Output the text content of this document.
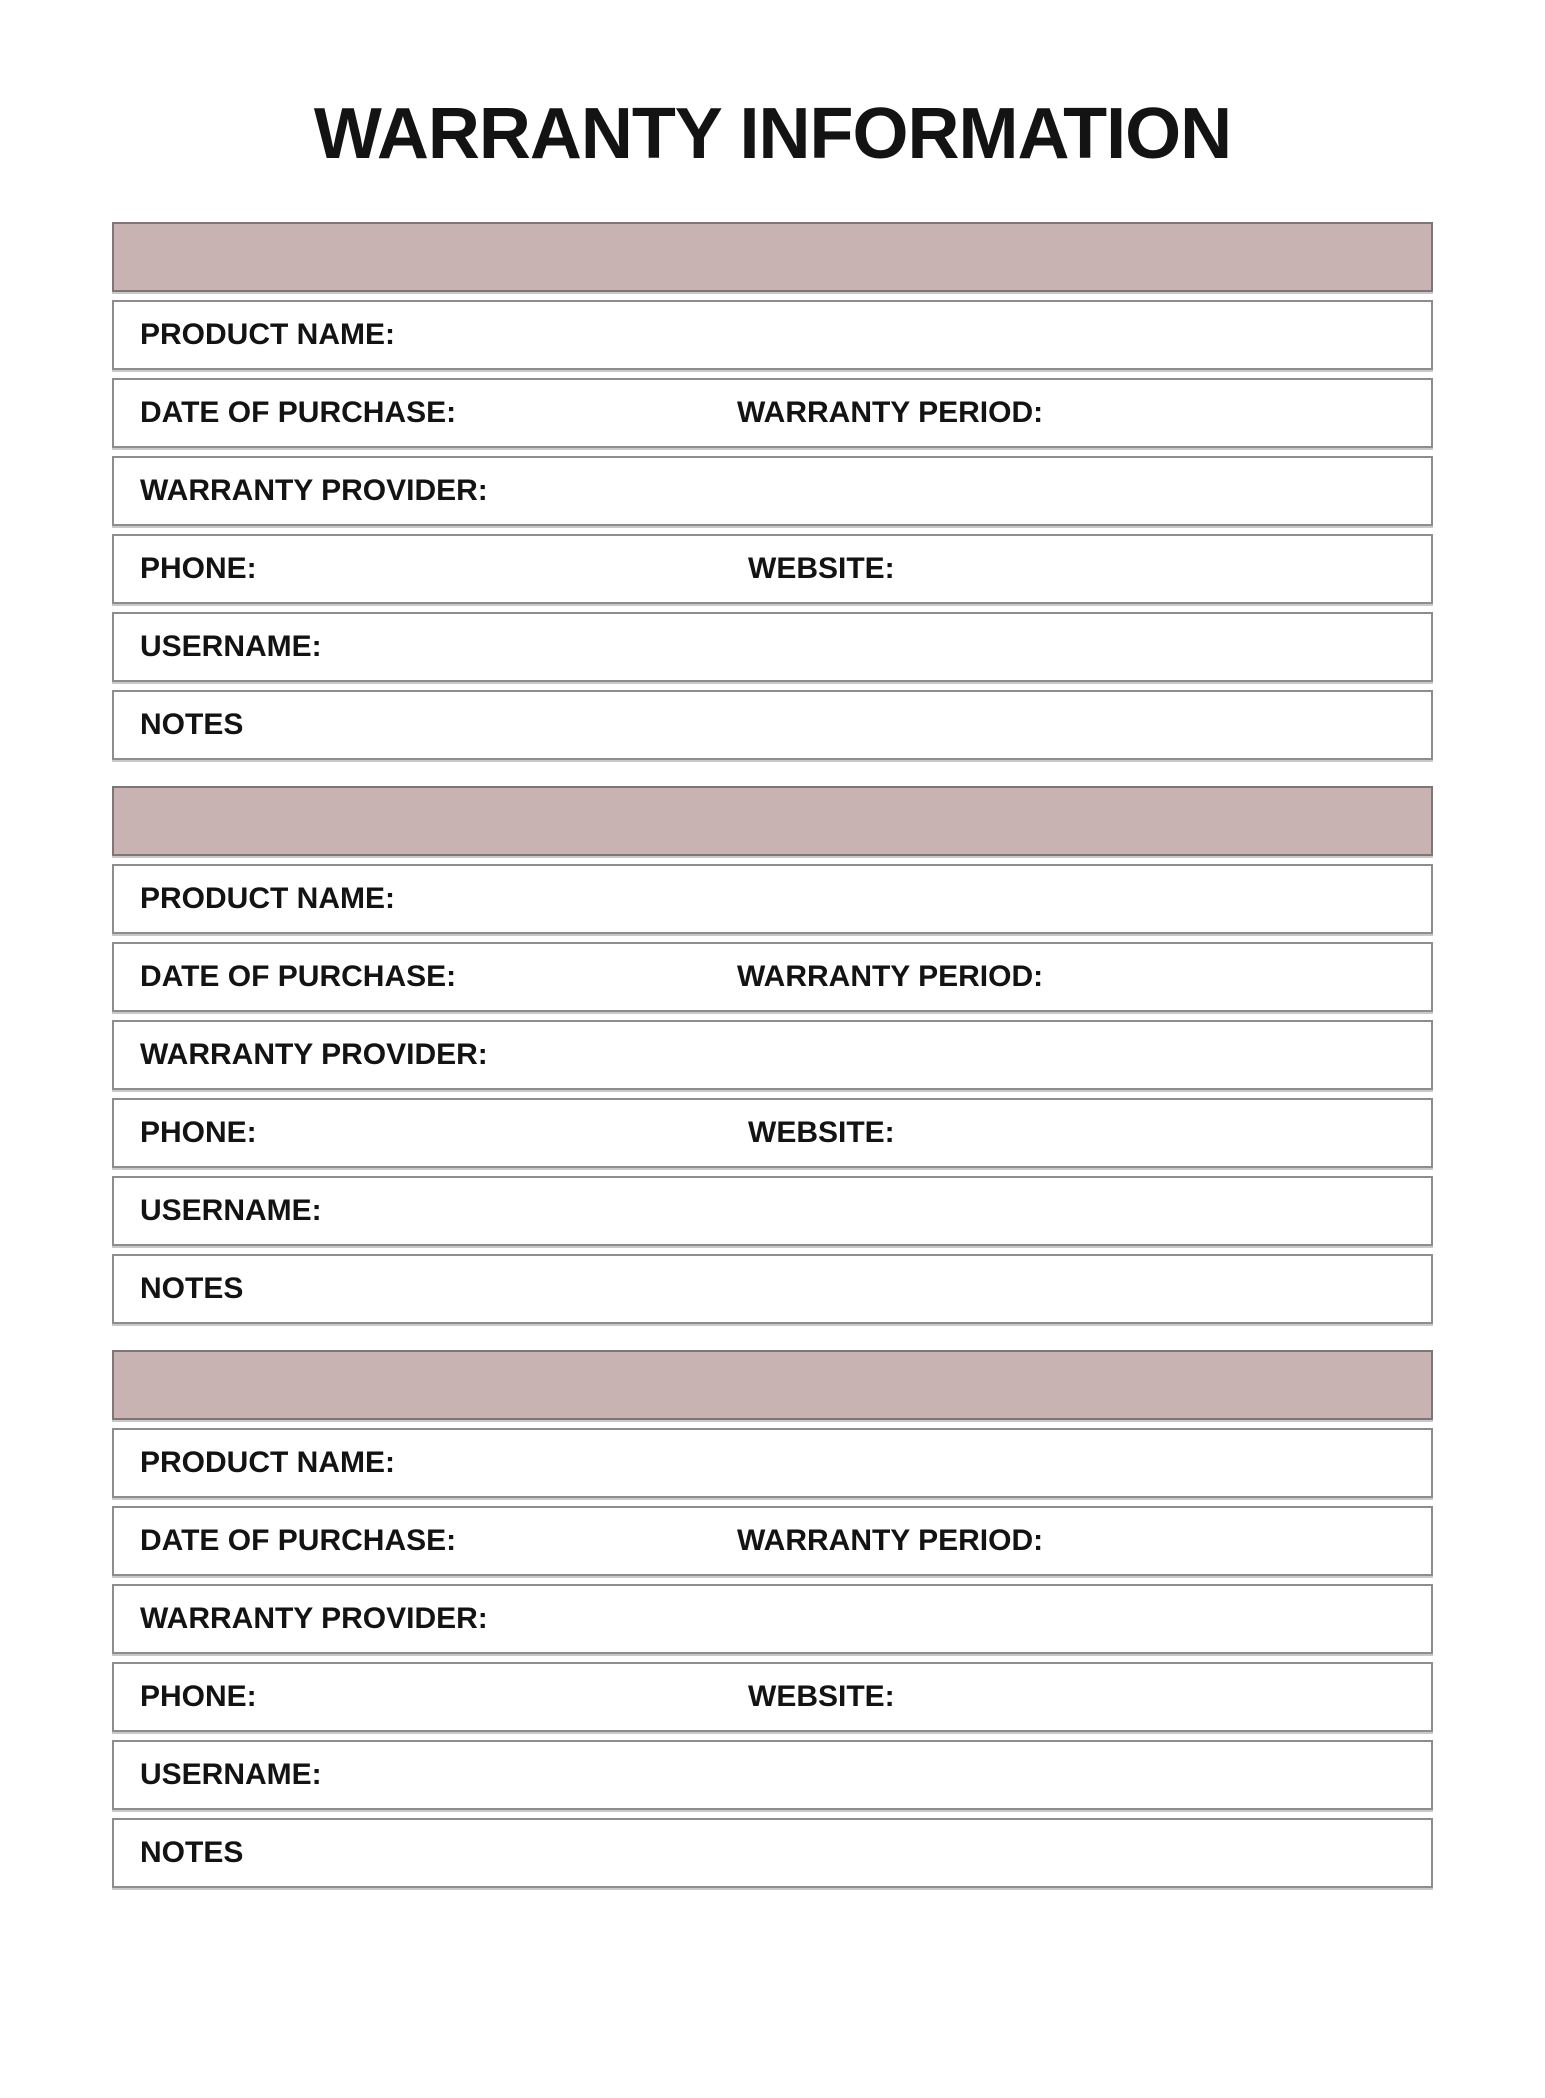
WARRANTY INFORMATION
PRODUCT NAME:
DATE OF PURCHASE:	WARRANTY PERIOD:
WARRANTY PROVIDER:
PHONE:	WEBSITE:
USERNAME:
NOTES
PRODUCT NAME:
DATE OF PURCHASE:	WARRANTY PERIOD:
WARRANTY PROVIDER:
PHONE:	WEBSITE:
USERNAME:
NOTES
PRODUCT NAME:
DATE OF PURCHASE:	WARRANTY PERIOD:
WARRANTY PROVIDER:
PHONE:	WEBSITE:
USERNAME:
NOTES
